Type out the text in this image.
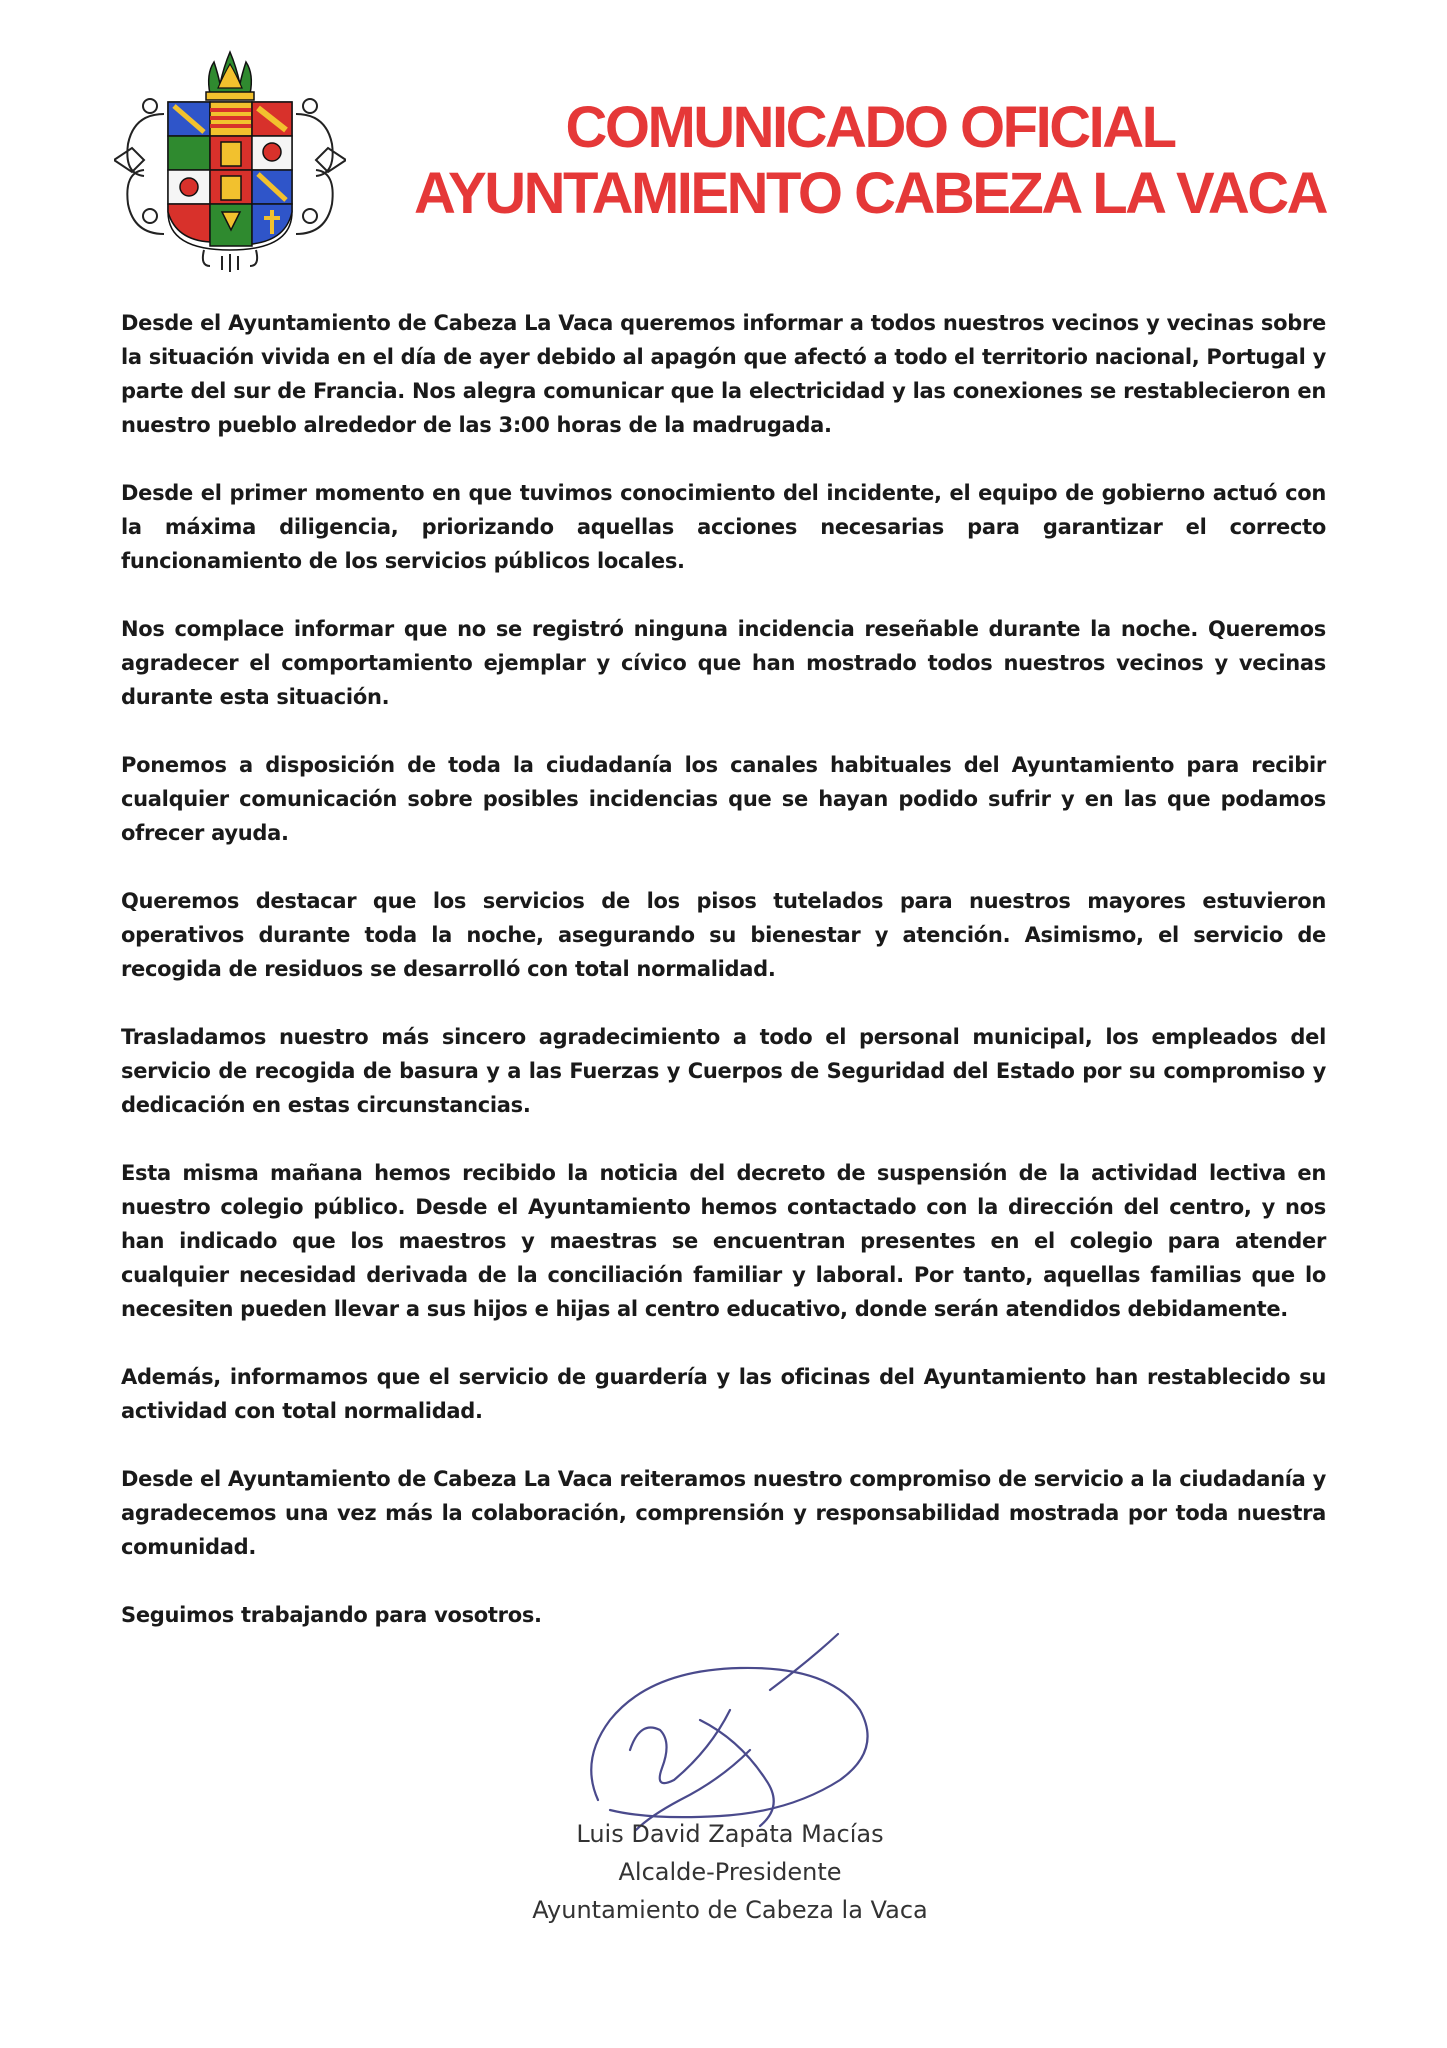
COMUNICADO OFICIAL
AYUNTAMIENTO CABEZA LA VACA

Desde el Ayuntamiento de Cabeza La Vaca queremos informar a todos nuestros vecinos y vecinas sobre la situación vivida en el día de ayer debido al apagón que afectó a todo el territorio nacional, Portugal y parte del sur de Francia. Nos alegra comunicar que la electricidad y las conexiones se restablecieron en nuestro pueblo alrededor de las 3:00 horas de la madrugada.

Desde el primer momento en que tuvimos conocimiento del incidente, el equipo de gobierno actuó con la máxima diligencia, priorizando aquellas acciones necesarias para garantizar el correcto funcionamiento de los servicios públicos locales.

Nos complace informar que no se registró ninguna incidencia reseñable durante la noche. Queremos agradecer el comportamiento ejemplar y cívico que han mostrado todos nuestros vecinos y vecinas durante esta situación.

Ponemos a disposición de toda la ciudadanía los canales habituales del Ayuntamiento para recibir cualquier comunicación sobre posibles incidencias que se hayan podido sufrir y en las que podamos ofrecer ayuda.

Queremos destacar que los servicios de los pisos tutelados para nuestros mayores estuvieron operativos durante toda la noche, asegurando su bienestar y atención. Asimismo, el servicio de recogida de residuos se desarrolló con total normalidad.

Trasladamos nuestro más sincero agradecimiento a todo el personal municipal, los empleados del servicio de recogida de basura y a las Fuerzas y Cuerpos de Seguridad del Estado por su compromiso y dedicación en estas circunstancias.

Esta misma mañana hemos recibido la noticia del decreto de suspensión de la actividad lectiva en nuestro colegio público. Desde el Ayuntamiento hemos contactado con la dirección del centro, y nos han indicado que los maestros y maestras se encuentran presentes en el colegio para atender cualquier necesidad derivada de la conciliación familiar y laboral. Por tanto, aquellas familias que lo necesiten pueden llevar a sus hijos e hijas al centro educativo, donde serán atendidos debidamente.

Además, informamos que el servicio de guardería y las oficinas del Ayuntamiento han restablecido su actividad con total normalidad.

Desde el Ayuntamiento de Cabeza La Vaca reiteramos nuestro compromiso de servicio a la ciudadanía y agradecemos una vez más la colaboración, comprensión y responsabilidad mostrada por toda nuestra comunidad.

Seguimos trabajando para vosotros.

Luis David Zapata Macías
Alcalde-Presidente
Ayuntamiento de Cabeza la Vaca
